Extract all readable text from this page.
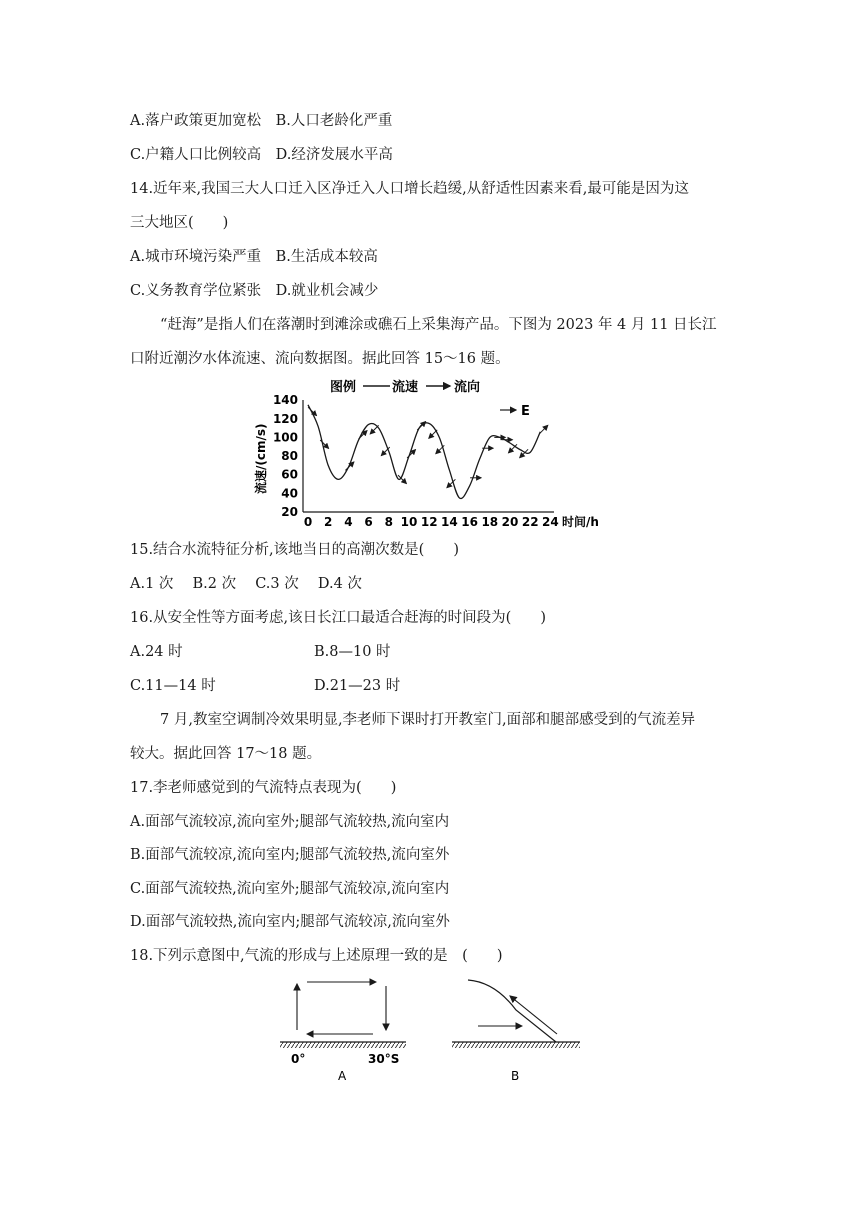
A.落户政策更加宽松　B.人口老龄化严重
C.户籍人口比例较高　D.经济发展水平高
14.近年来,我国三大人口迁入区净迁入人口增长趋缓,从舒适性因素来看,最可能是因为这
三大地区(　　)
A.城市环境污染严重　B.生活成本较高
C.义务教育学位紧张　D.就业机会减少
“赶海”是指人们在落潮时到滩涂或礁石上采集海产品。下图为 2023 年 4 月 11 日长江
口附近潮汐水体流速、流向数据图。据此回答 15～16 题。
图例	流速	流向
E
流速/(cm/s)
140
120
100
80
60
40
20
0 2 4 6 8 10 12 14 16 18 20 22 24 时间/h
15.结合水流特征分析,该地当日的高潮次数是(　　)
A.1 次　 B.2 次　 C.3 次　 D.4 次
16.从安全性等方面考虑,该日长江口最适合赶海的时间段为(　　)
A.24 时	B.8—10 时
C.11—14 时	D.21—23 时
7 月,教室空调制冷效果明显,李老师下课时打开教室门,面部和腿部感受到的气流差异
较大。据此回答 17～18 题。
17.李老师感觉到的气流特点表现为(　　)
A.面部气流较凉,流向室外;腿部气流较热,流向室内
B.面部气流较凉,流向室内;腿部气流较热,流向室外
C.面部气流较热,流向室外;腿部气流较凉,流向室内
D.面部气流较热,流向室内;腿部气流较凉,流向室外
18.下列示意图中,气流的形成与上述原理一致的是　(　　)
0°	30°S
A	B
